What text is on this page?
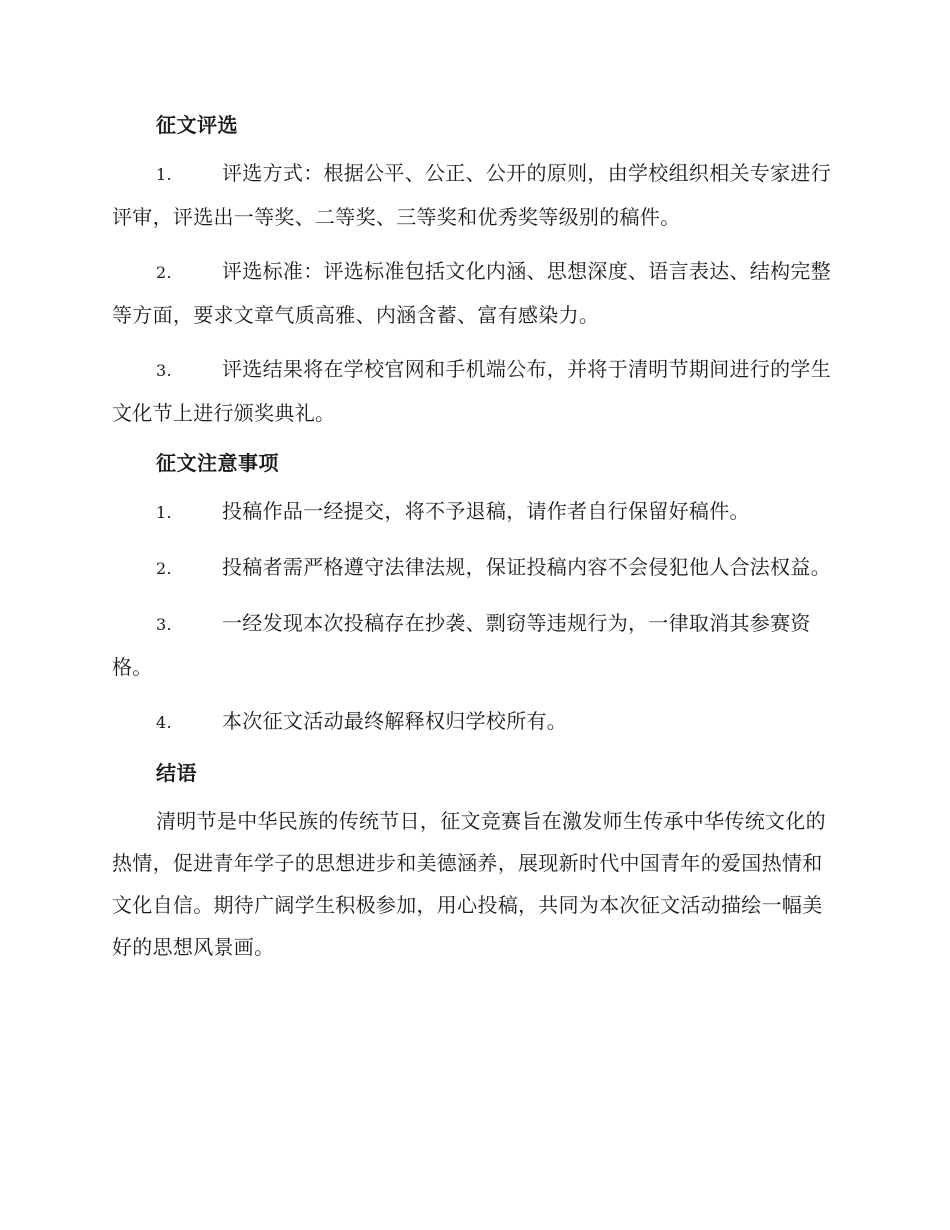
征文评选
1.	评选方式：根据公平、公正、公开的原则，由学校组织相关专家进行评审，评选出一等奖、二等奖、三等奖和优秀奖等级别的稿件。
2.	评选标准：评选标准包括文化内涵、思想深度、语言表达、结构完整等方面，要求文章气质高雅、内涵含蓄、富有感染力。
3.	评选结果将在学校官网和手机端公布，并将于清明节期间进行的学生文化节上进行颁奖典礼。
征文注意事项
1.	投稿作品一经提交，将不予退稿，请作者自行保留好稿件。
2.	投稿者需严格遵守法律法规，保证投稿内容不会侵犯他人合法权益。
3.	一经发现本次投稿存在抄袭、剽窃等违规行为，一律取消其参赛资格。
4.	本次征文活动最终解释权归学校所有。
结语
清明节是中华民族的传统节日，征文竞赛旨在激发师生传承中华传统文化的热情，促进青年学子的思想进步和美德涵养，展现新时代中国青年的爱国热情和文化自信。期待广阔学生积极参加，用心投稿，共同为本次征文活动描绘一幅美好的思想风景画。
